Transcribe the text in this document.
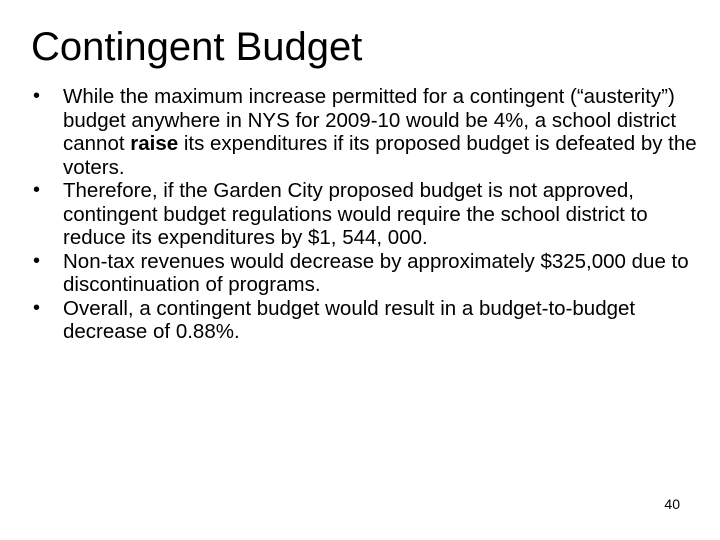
Contingent Budget
• While the maximum increase permitted for a contingent (“austerity”) budget anywhere in NYS for 2009-10 would be 4%, a school district cannot raise its expenditures if its proposed budget is defeated by the voters.
• Therefore, if the Garden City proposed budget is not approved, contingent budget regulations would require the school district to reduce its expenditures by $1, 544, 000.
• Non-tax revenues would decrease by approximately $325,000 due to discontinuation of programs.
• Overall, a contingent budget would result in a budget-to-budget decrease of 0.88%.
40
